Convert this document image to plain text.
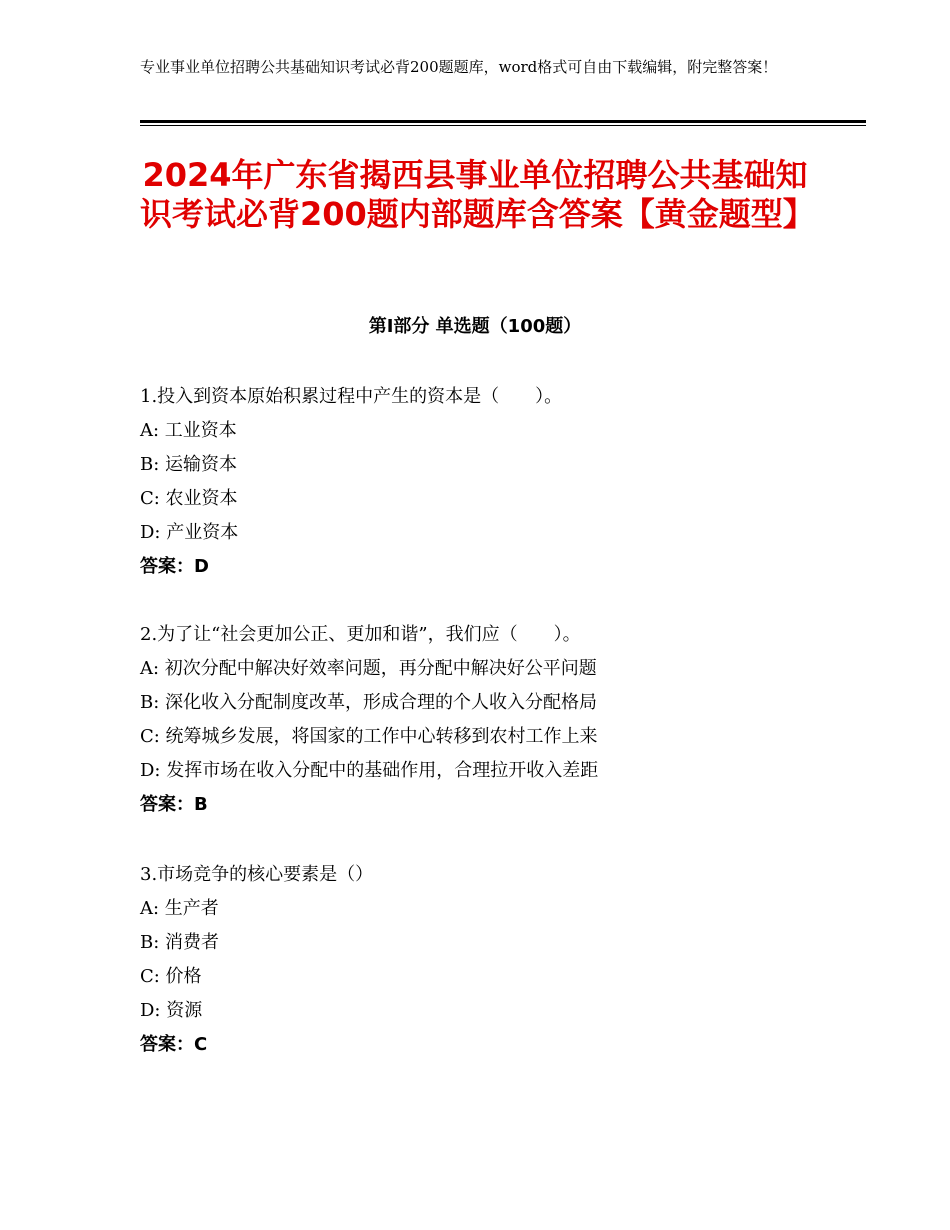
专业事业单位招聘公共基础知识考试必背200题题库，word格式可自由下载编辑，附完整答案！
2024年广东省揭西县事业单位招聘公共基础知识考试必背200题内部题库含答案【黄金题型】
第Ⅰ部分 单选题（100题）
1.投入到资本原始积累过程中产生的资本是（　　）。
A: 工业资本
B: 运输资本
C: 农业资本
D: 产业资本
答案：D
2.为了让“社会更加公正、更加和谐”，我们应（　　）。
A: 初次分配中解决好效率问题，再分配中解决好公平问题
B: 深化收入分配制度改革，形成合理的个人收入分配格局
C: 统筹城乡发展，将国家的工作中心转移到农村工作上来
D: 发挥市场在收入分配中的基础作用，合理拉开收入差距
答案：B
3.市场竞争的核心要素是（）
A: 生产者
B: 消费者
C: 价格
D: 资源
答案：C
